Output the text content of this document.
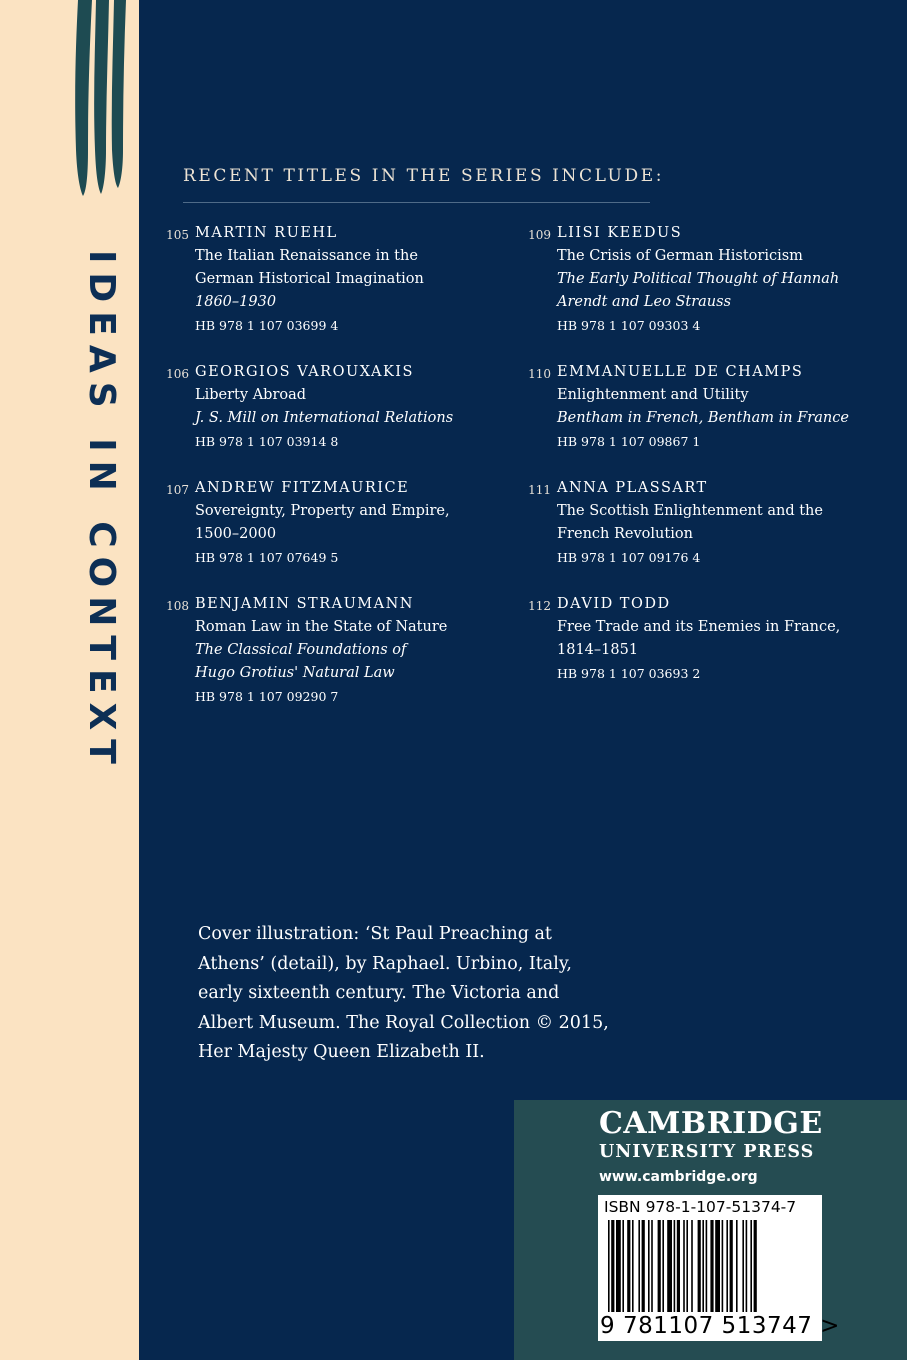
IDEAS IN CONTEXT
RECENT TITLES IN THE SERIES INCLUDE:
105 MARTIN RUEHL
The Italian Renaissance in the German Historical Imagination
1860–1930
HB 978 1 107 03699 4
106 GEORGIOS VAROUXAKIS
Liberty Abroad
J. S. Mill on International Relations
HB 978 1 107 03914 8
107 ANDREW FITZMAURICE
Sovereignty, Property and Empire, 1500–2000
HB 978 1 107 07649 5
108 BENJAMIN STRAUMANN
Roman Law in the State of Nature
The Classical Foundations of Hugo Grotius' Natural Law
HB 978 1 107 09290 7
109 LIISI KEEDUS
The Crisis of German Historicism
The Early Political Thought of Hannah Arendt and Leo Strauss
HB 978 1 107 09303 4
110 EMMANUELLE DE CHAMPS
Enlightenment and Utility
Bentham in French, Bentham in France
HB 978 1 107 09867 1
111 ANNA PLASSART
The Scottish Enlightenment and the French Revolution
HB 978 1 107 09176 4
112 DAVID TODD
Free Trade and its Enemies in France, 1814–1851
HB 978 1 107 03693 2
Cover illustration: ‘St Paul Preaching at Athens’ (detail), by Raphael. Urbino, Italy, early sixteenth century. The Victoria and Albert Museum. The Royal Collection © 2015, Her Majesty Queen Elizabeth II.
CAMBRIDGE
UNIVERSITY PRESS
www.cambridge.org
ISBN 978-1-107-51374-7
9 781107 513747 >
